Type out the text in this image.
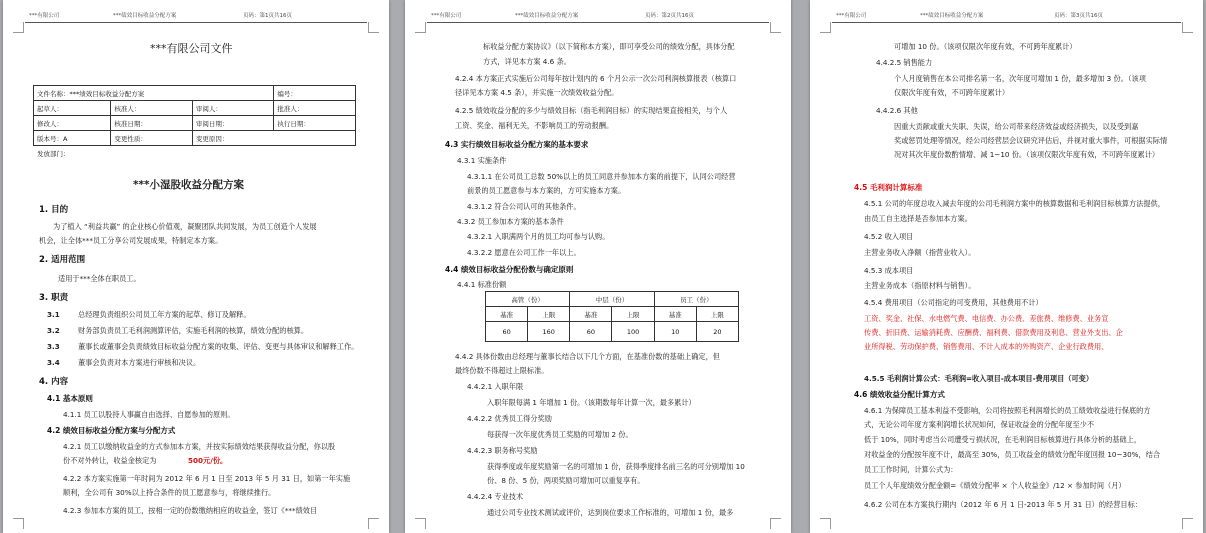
***有限公司	***绩效目标收益分配方案	页码：第1页共16页
***有限公司文件
文件名称：***绩效目标收益分配方案			编号：
起草人：	核准人：	审阅人：	批准人：
修改人：	核准日期：	审阅日期：	执行日期：
版本号：A	变更性质：	变更原因：	
发放部门：			
***小湿股收益分配方案
1. 目的
为了植入 “利益共赢” 的企业核心价值观，凝聚团队共同发展，为员工创造个人发展
机会，让全体***员工分享公司发展成果，特制定本方案。
2. 适用范围
适用于***全体在职员工。
3. 职责
3.1	总经理负责组织公司员工年方案的起草、修订及解释。
3.2	财务部负责员工毛利润测算评估，实施毛利润的核算，绩效分配的核算。
3.3	董事长或董事会负责绩效目标收益分配方案的收集、评估、变更与具体审议和解释工作。
3.4	董事会负责对本方案进行审核和决议。
4. 内容
4.1 基本原则
4.1.1 员工以股持人事赢自由选择、自愿参加的原则。
4.2 绩效目标收益分配方案与分配方式
4.2.1 员工以缴纳收益金的方式参加本方案，并按实际绩效结果获得收益分配，你以股
份不对外转让，收益金核定为	500元/份。
4.2.2 本方案实施第一年时间为 2012 年 6 月 1 日至 2013 年 5 月 31 日，如第一年实施
顺利，全公司有 30%以上持合条件的员工愿意参与，将继续推行。
4.2.3 参加本方案的员工，按相一定的份数缴纳相应的收益金，签订《***绩效目
***有限公司	***绩效目标收益分配方案	页码：第2页共16页
标收益分配方案协议》（以下简称本方案），即可享受公司的绩效分配，具体分配
方式，详见本方案 4.6 条。
4.2.4 本方案正式实施后公司每年按计划内的 6 个月公示一次公司利润核算报表（核算口
径详见本方案 4.5 条），并实施一次绩效收益分配。
4.2.5 绩效收益分配的多少与绩效目标（指毛利润目标）的实现结果直接相关，与个人
工资、奖金、福利无关，不影响员工的劳动报酬。
4.3 实行绩效目标收益分配方案的基本要求
4.3.1 实施条件
4.3.1.1 在公司员工总数 50%以上的员工同意并参加本方案的前提下，认同公司经营
前景的员工愿意参与本方案的，方可实施本方案。
4.3.1.2 符合公司认可的其他条件。
4.3.2 员工参加本方案的基本条件
4.3.2.1 入职满两个月的员工均可参与认购。
4.3.2.2 愿意在公司工作一年以上。
4.4 绩效目标收益分配份数与确定原则
4.4.1 标准份额
高管（份）		中层（份）		员工（份）	
基准	上限	基准	上限	基准	上限
60	160	60	100	10	20
4.4.2 具体份数由总经理与董事长结合以下几个方面，在基准份数的基础上确定，但
最终份数不得超过上限标准。
4.4.2.1 入职年限
入职年限每满 1 年增加 1 份。（该期数每年计算一次，最多累计）
4.4.2.2 优秀员工得分奖励
每获得一次年度优秀员工奖励的可增加 2 份。
4.4.2.3 职务称号奖励
获得季度或年度奖励第一名的可增加 1 份，获得季度排名前三名的可分别增加 10
份、8 份、5 份，两项奖励可增加可以重复享有。
4.4.2.4 专业技术
通过公司专业技术测试或评价，达到岗位要求工作标准的，可增加 1 份，最多
***有限公司	***绩效目标收益分配方案	页码：第3页共16页
可增加 10 份。（该项仅限次年度有效，不可跨年度累计）
4.4.2.5 销售能力
个人月度销售在本公司排名第一名，次年度可增加 1 份，最多增加 3 份。（该项
仅限次年度有效，不可跨年度累计）
4.4.2.6 其他
因重大贡献或重大失职、失误，给公司带来经济效益或经济损失，以及受到嘉
奖或惩罚处理等情况，经公司经营层会议研究评估后，并视对重大事件，可根据实际情
况对其次年度份数酌情增、减 1~10 份。（该项仅限次年度有效，不可跨年度累计）
4.5 毛利润计算标准
4.5.1 公司的年度总收入减去年度的公司毛利润方案中的核算数据和毛利润目标核算方法提供，
由员工自主选择是否参加本方案。
4.5.2 收入项目
主营业务收入净额（指营业收入）。
4.5.3 成本项目
主营业务成本（指原材料与销售）。
4.5.4 费用项目（公司指定的可变费用，其他费用不计）
工资、奖金、社保、水电燃气费、电信费、办公费、差旅费、维修费、业务宣
传费、折旧费、运输消耗费、应酬费、福利费、借款费用及利息、营业外支出、企
业所得税、劳动保护费、销售费用、不计入成本的外购资产、企业行政费用、
4.5.5 毛利润计算公式：毛利润=收入项目-成本项目-费用项目（可变）
4.6 绩效收益分配计算方式
4.6.1 为保障员工基本利益不受影响，公司将按照毛利润增长的员工绩效收益进行保底的方
式，无论公司年度方案利润增长状况如何，保证收益金的分配年度至少不
低于 10%，同时考虑当公司遭受亏损状况，在毛利润目标核算进行具体分析的基础上，
对收益金的分配按年度不计，最高至 30%，员工收益金的绩效分配年度回报 10~30%，结合
员工工作时间，计算公式为：
员工个人年度绩效分配金额=《绩效分配率 × 个人收益金》/12 × 参加时间（月）
4.6.2 公司在本方案执行期内（2012 年 6 月 1 日-2013 年 5 月 31 日）的经营目标：
